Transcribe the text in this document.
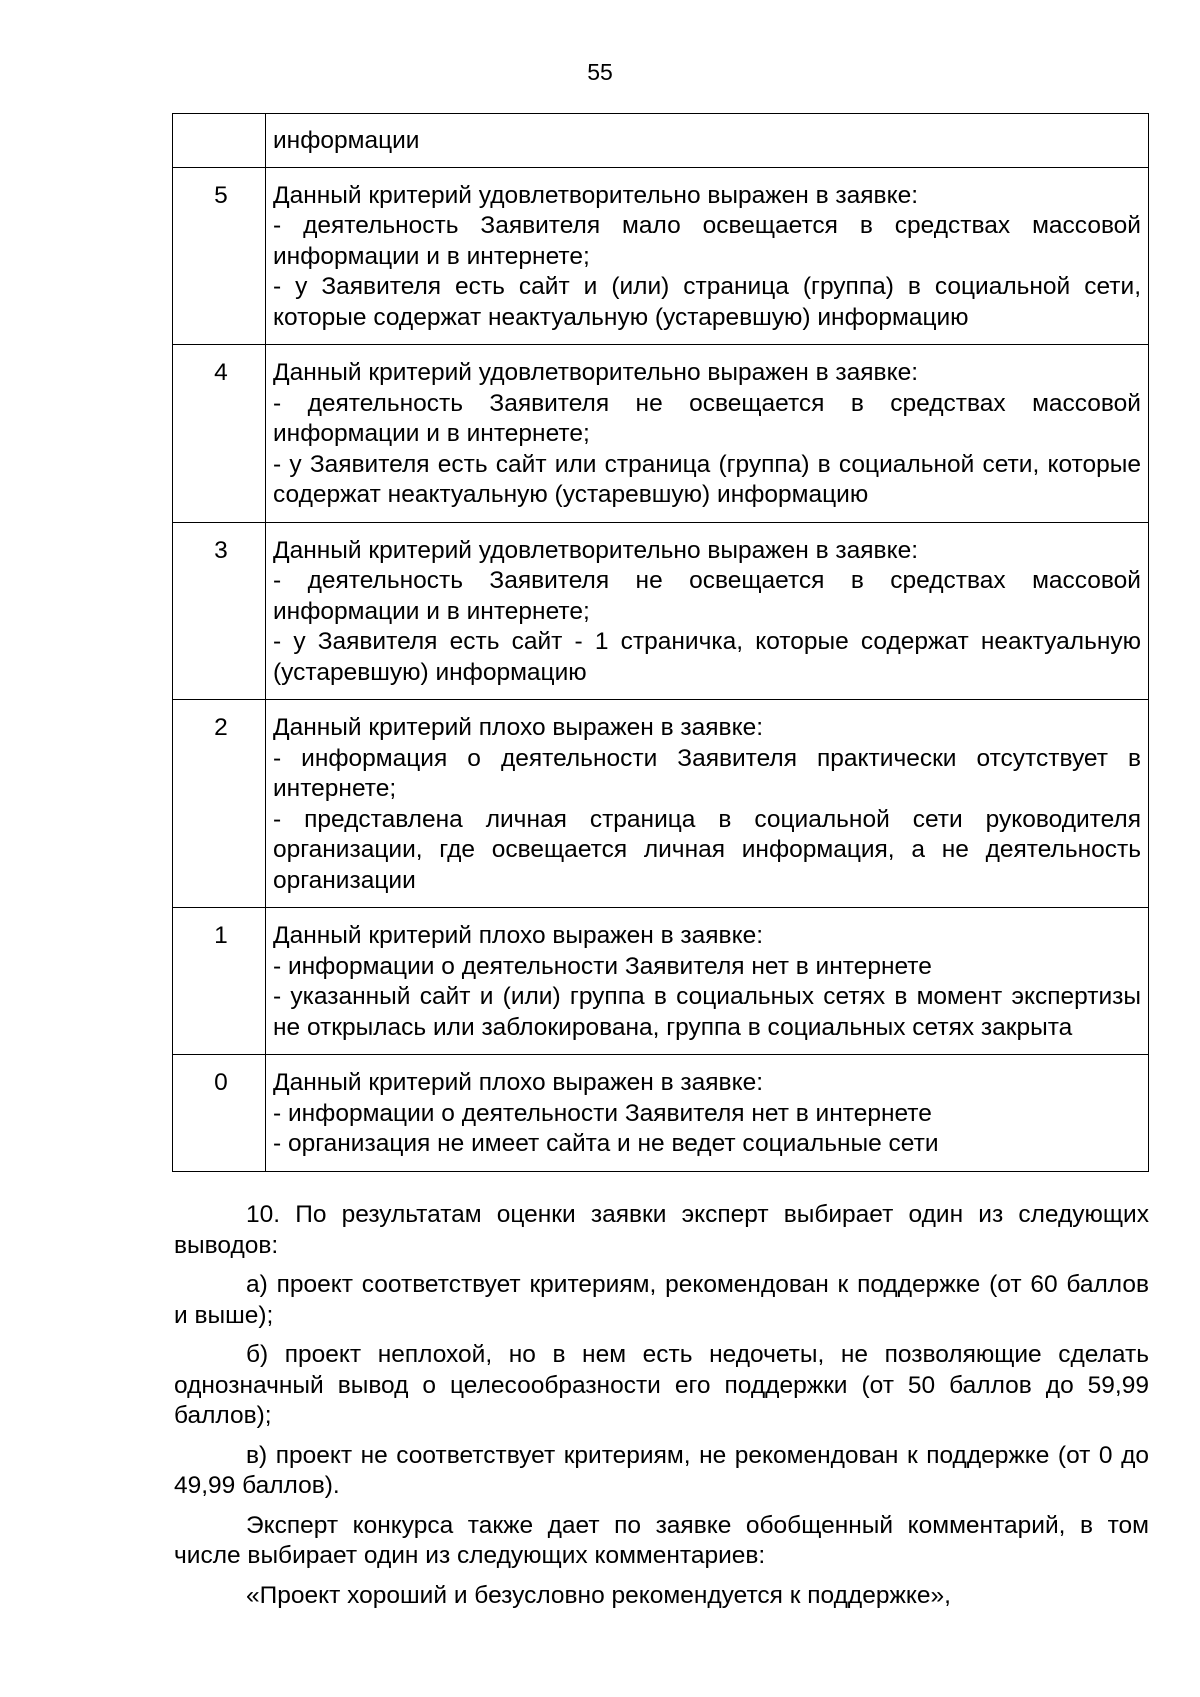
55

	информации

5	Данный критерий удовлетворительно выражен в заявке:
- деятельность Заявителя мало освещается в средствах массовой информации и в интернете;
- у Заявителя есть сайт и (или) страница (группа) в социальной сети, которые содержат неактуальную (устаревшую) информацию

4	Данный критерий удовлетворительно выражен в заявке:
- деятельность Заявителя не освещается в средствах массовой информации и в интернете;
- у Заявителя есть сайт или страница (группа) в социальной сети, которые содержат неактуальную (устаревшую) информацию

3	Данный критерий удовлетворительно выражен в заявке:
- деятельность Заявителя не освещается в средствах массовой информации и в интернете;
- у Заявителя есть сайт - 1 страничка, которые содержат неактуальную (устаревшую) информацию

2	Данный критерий плохо выражен в заявке:
- информация о деятельности Заявителя практически отсутствует в интернете;
- представлена личная страница в социальной сети руководителя организации, где освещается личная информация, а не деятельность организации

1	Данный критерий плохо выражен в заявке:
- информации о деятельности Заявителя нет в интернете
- указанный сайт и (или) группа в социальных сетях в момент экспертизы не открылась или заблокирована, группа в социальных сетях закрыта

0	Данный критерий плохо выражен в заявке:
- информации о деятельности Заявителя нет в интернете
- организация не имеет сайта и не ведет социальные сети

10. По результатам оценки заявки эксперт выбирает один из следующих выводов:

а) проект соответствует критериям, рекомендован к поддержке (от 60 баллов и выше);

б) проект неплохой, но в нем есть недочеты, не позволяющие сделать однозначный вывод о целесообразности его поддержки (от 50 баллов до 59,99 баллов);

в) проект не соответствует критериям, не рекомендован к поддержке (от 0 до 49,99 баллов).

Эксперт конкурса также дает по заявке обобщенный комментарий, в том числе выбирает один из следующих комментариев:

«Проект хороший и безусловно рекомендуется к поддержке»,
